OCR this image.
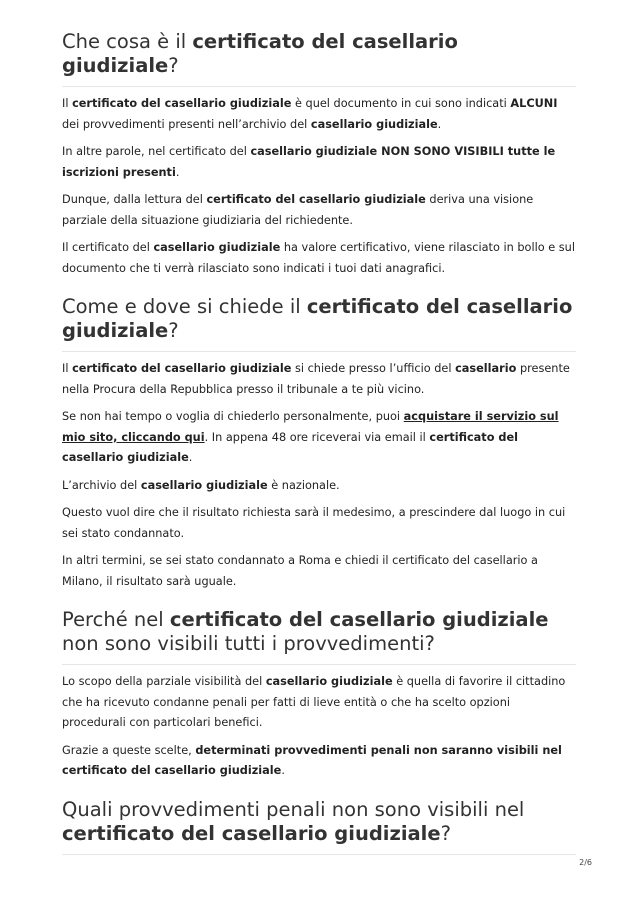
Che cosa è il certificato del casellario giudiziale?

Il certificato del casellario giudiziale è quel documento in cui sono indicati ALCUNI dei provvedimenti presenti nell’archivio del casellario giudiziale.

In altre parole, nel certificato del casellario giudiziale NON SONO VISIBILI tutte le iscrizioni presenti.

Dunque, dalla lettura del certificato del casellario giudiziale deriva una visione parziale della situazione giudiziaria del richiedente.

Il certificato del casellario giudiziale ha valore certificativo, viene rilasciato in bollo e sul documento che ti verrà rilasciato sono indicati i tuoi dati anagrafici.

Come e dove si chiede il certificato del casellario giudiziale?

Il certificato del casellario giudiziale si chiede presso l’ufficio del casellario presente nella Procura della Repubblica presso il tribunale a te più vicino.

Se non hai tempo o voglia di chiederlo personalmente, puoi acquistare il servizio sul mio sito, cliccando qui. In appena 48 ore riceverai via email il certificato del casellario giudiziale.

L’archivio del casellario giudiziale è nazionale.

Questo vuol dire che il risultato richiesta sarà il medesimo, a prescindere dal luogo in cui sei stato condannato.

In altri termini, se sei stato condannato a Roma e chiedi il certificato del casellario a Milano, il risultato sarà uguale.

Perché nel certificato del casellario giudiziale non sono visibili tutti i provvedimenti?

Lo scopo della parziale visibilità del casellario giudiziale è quella di favorire il cittadino che ha ricevuto condanne penali per fatti di lieve entità o che ha scelto opzioni procedurali con particolari benefici.

Grazie a queste scelte, determinati provvedimenti penali non saranno visibili nel certificato del casellario giudiziale.

Quali provvedimenti penali non sono visibili nel certificato del casellario giudiziale?
2/6
